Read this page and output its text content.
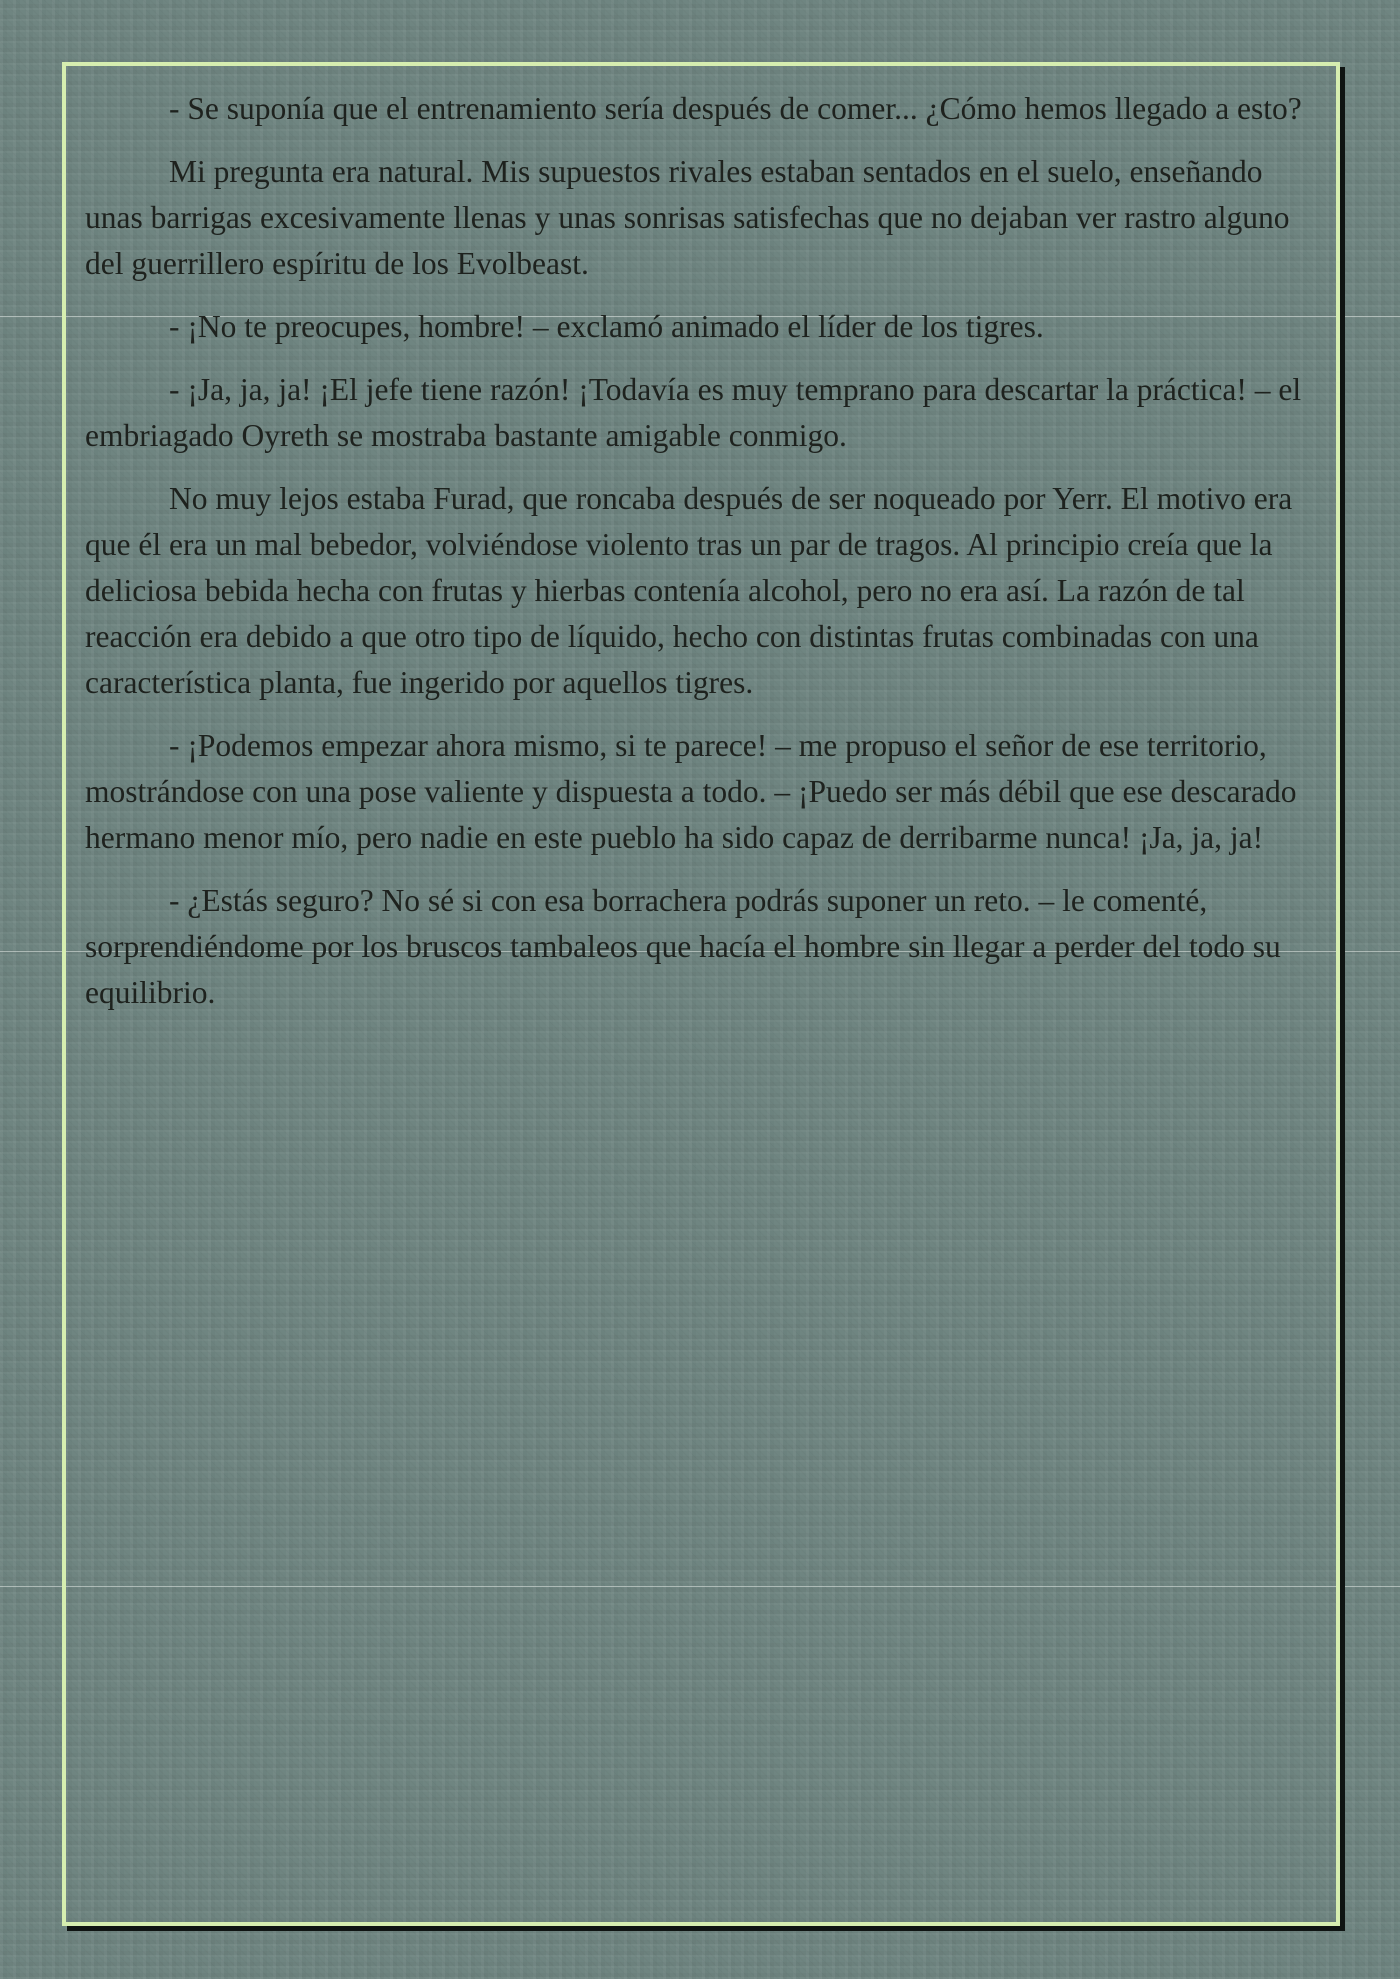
- Se suponía que el entrenamiento sería después de comer... ¿Cómo hemos llegado a esto?

Mi pregunta era natural. Mis supuestos rivales estaban sentados en el suelo, enseñando unas barrigas excesivamente llenas y unas sonrisas satisfechas que no dejaban ver rastro alguno del guerrillero espíritu de los Evolbeast.

- ¡No te preocupes, hombre! – exclamó animado el líder de los tigres.

- ¡Ja, ja, ja! ¡El jefe tiene razón! ¡Todavía es muy temprano para descartar la práctica! – el embriagado Oyreth se mostraba bastante amigable conmigo.

No muy lejos estaba Furad, que roncaba después de ser noqueado por Yerr. El motivo era que él era un mal bebedor, volviéndose violento tras un par de tragos. Al principio creía que la deliciosa bebida hecha con frutas y hierbas contenía alcohol, pero no era así. La razón de tal reacción era debido a que otro tipo de líquido, hecho con distintas frutas combinadas con una característica planta, fue ingerido por aquellos tigres.

- ¡Podemos empezar ahora mismo, si te parece! – me propuso el señor de ese territorio, mostrándose con una pose valiente y dispuesta a todo. – ¡Puedo ser más débil que ese descarado hermano menor mío, pero nadie en este pueblo ha sido capaz de derribarme nunca! ¡Ja, ja, ja!

- ¿Estás seguro? No sé si con esa borrachera podrás suponer un reto. – le comenté, sorprendiéndome por los bruscos tambaleos que hacía el hombre sin llegar a perder del todo su equilibrio.
